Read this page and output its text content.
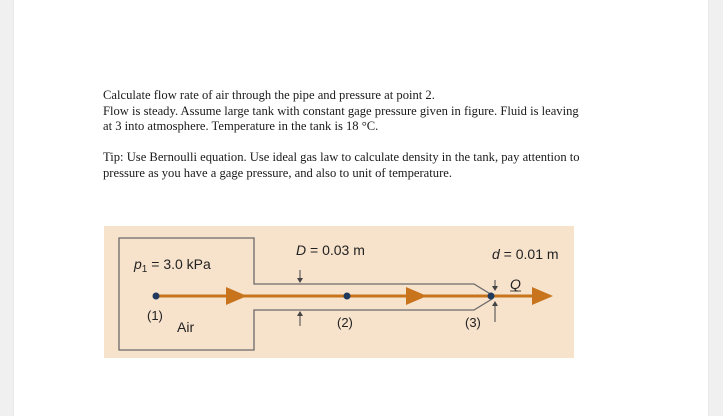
Calculate flow rate of air through the pipe and pressure at point 2.
Flow is steady. Assume large tank with constant gage pressure given in figure. Fluid is leaving
at 3 into atmosphere. Temperature in the tank is 18 °C.
Tip: Use Bernoulli equation. Use ideal gas law to calculate density in the tank, pay attention to
pressure as you have a gage pressure, and also to unit of temperature.
$p_1 = 3.0$ kPa
D = 0.03 m	d = 0.01 m
Q
(1)
Air	(2)	(3)
